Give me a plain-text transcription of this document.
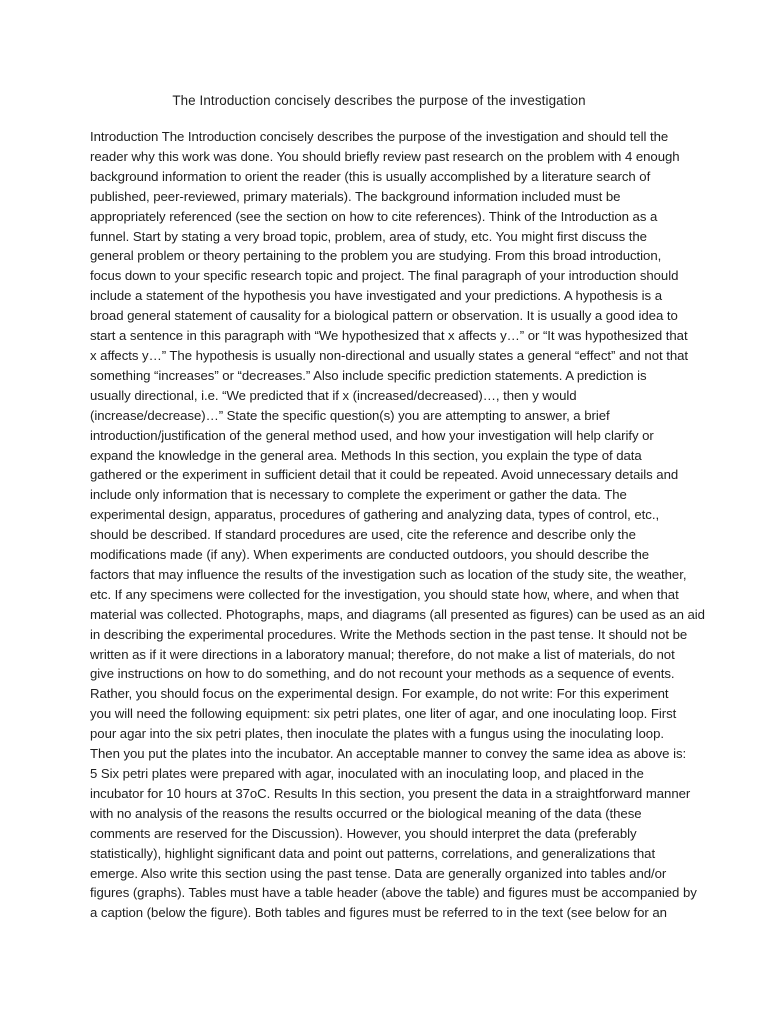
The Introduction concisely describes the purpose of the investigation
Introduction The Introduction concisely describes the purpose of the investigation and should tell the
reader why this work was done. You should briefly review past research on the problem with 4 enough
background information to orient the reader (this is usually accomplished by a literature search of
published, peer-reviewed, primary materials). The background information included must be
appropriately referenced (see the section on how to cite references). Think of the Introduction as a
funnel. Start by stating a very broad topic, problem, area of study, etc. You might first discuss the
general problem or theory pertaining to the problem you are studying. From this broad introduction,
focus down to your specific research topic and project. The final paragraph of your introduction should
include a statement of the hypothesis you have investigated and your predictions. A hypothesis is a
broad general statement of causality for a biological pattern or observation. It is usually a good idea to
start a sentence in this paragraph with “We hypothesized that x affects y…” or “It was hypothesized that
x affects y…” The hypothesis is usually non-directional and usually states a general “effect” and not that
something “increases” or “decreases.” Also include specific prediction statements. A prediction is
usually directional, i.e. “We predicted that if x (increased/decreased)…, then y would
(increase/decrease)…” State the specific question(s) you are attempting to answer, a brief
introduction/justification of the general method used, and how your investigation will help clarify or
expand the knowledge in the general area. Methods In this section, you explain the type of data
gathered or the experiment in sufficient detail that it could be repeated. Avoid unnecessary details and
include only information that is necessary to complete the experiment or gather the data. The
experimental design, apparatus, procedures of gathering and analyzing data, types of control, etc.,
should be described. If standard procedures are used, cite the reference and describe only the
modifications made (if any). When experiments are conducted outdoors, you should describe the
factors that may influence the results of the investigation such as location of the study site, the weather,
etc. If any specimens were collected for the investigation, you should state how, where, and when that
material was collected. Photographs, maps, and diagrams (all presented as figures) can be used as an aid
in describing the experimental procedures. Write the Methods section in the past tense. It should not be
written as if it were directions in a laboratory manual; therefore, do not make a list of materials, do not
give instructions on how to do something, and do not recount your methods as a sequence of events.
Rather, you should focus on the experimental design. For example, do not write: For this experiment
you will need the following equipment: six petri plates, one liter of agar, and one inoculating loop. First
pour agar into the six petri plates, then inoculate the plates with a fungus using the inoculating loop.
Then you put the plates into the incubator. An acceptable manner to convey the same idea as above is:
5 Six petri plates were prepared with agar, inoculated with an inoculating loop, and placed in the
incubator for 10 hours at 37oC. Results In this section, you present the data in a straightforward manner
with no analysis of the reasons the results occurred or the biological meaning of the data (these
comments are reserved for the Discussion). However, you should interpret the data (preferably
statistically), highlight significant data and point out patterns, correlations, and generalizations that
emerge. Also write this section using the past tense. Data are generally organized into tables and/or
figures (graphs). Tables must have a table header (above the table) and figures must be accompanied by
a caption (below the figure). Both tables and figures must be referred to in the text (see below for an
